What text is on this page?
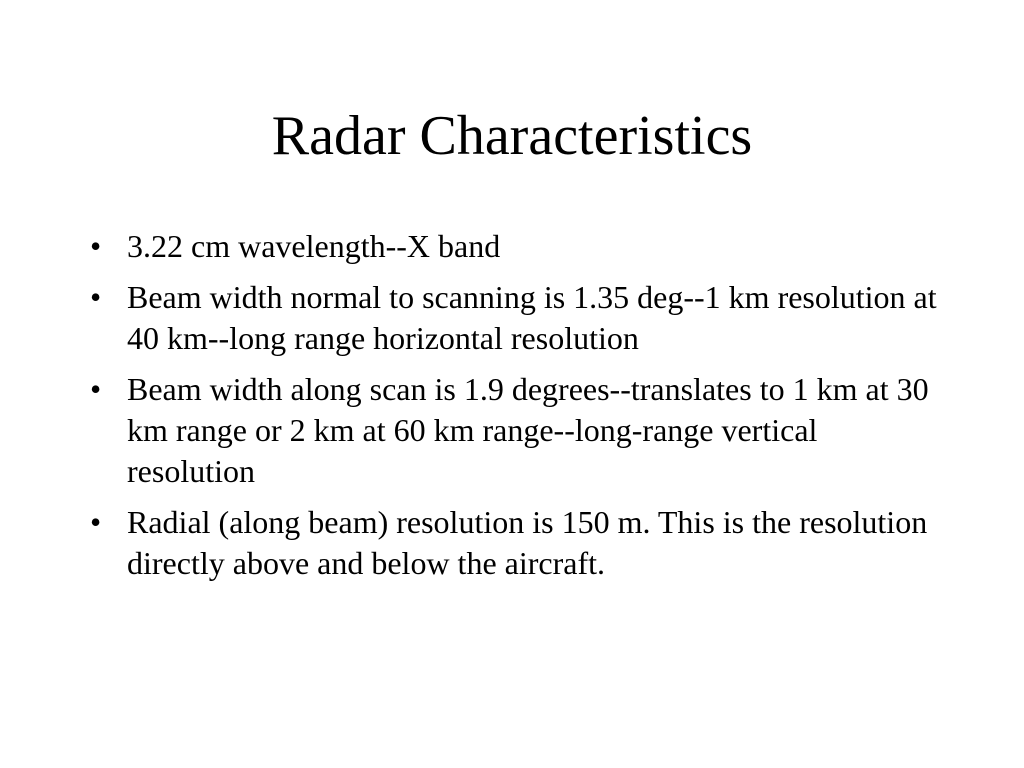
Radar Characteristics
• 3.22 cm wavelength--X band
• Beam width normal to scanning is 1.35 deg--1 km resolution at 40 km--long range horizontal resolution
• Beam width along scan is 1.9 degrees--translates to 1 km at 30 km range or 2 km at 60 km range--long-range vertical resolution
• Radial (along beam) resolution is 150 m. This is the resolution directly above and below the aircraft.
